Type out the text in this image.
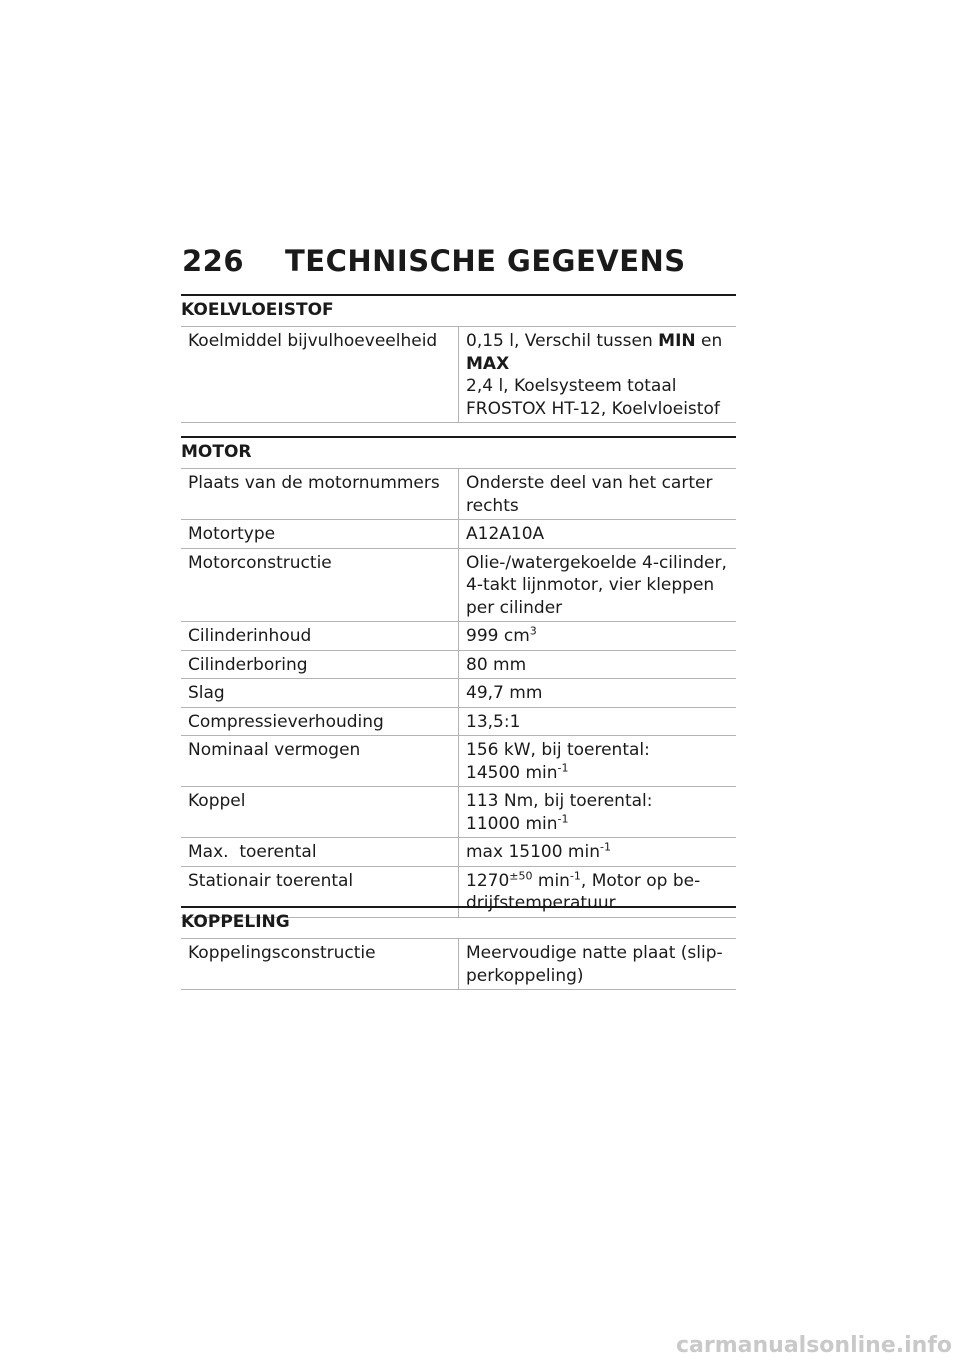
226 TECHNISCHE GEGEVENS
KOELVLOEISTOF
Koelmiddel bijvulhoeveelheid	0,15 l, Verschil tussen MIN en
MAX
2,4 l, Koelsysteem totaal
FROSTOX HT-12, Koelvloeistof
MOTOR
Plaats van de motornummers	Onderste deel van het carter
rechts
Motortype	A12A10A
Motorconstructie	Olie-/watergekoelde 4-cilinder,
4-takt lijnmotor, vier kleppen
per cilinder
Cilinderinhoud	999 $cm^3$
Cilinderboring	80 mm
Slag	49,7 mm
Compressieverhouding	13,5:1
Nominaal vermogen	156 kW, bij toerental:
14500 $\min^{-1}$
Koppel	113 Nm, bij toerental:
11000 $\min^{-1}$
Max.  toerental	max 15100 $\min^{-1}$
Stationair toerental	$1270^{\pm 50}$ $\min^{-1}$, Motor op be-
drijfstemperatuur
KOPPELING
Koppelingsconstructie	Meervoudige natte plaat (slip-
perkoppeling)
carmanualsonline.info
